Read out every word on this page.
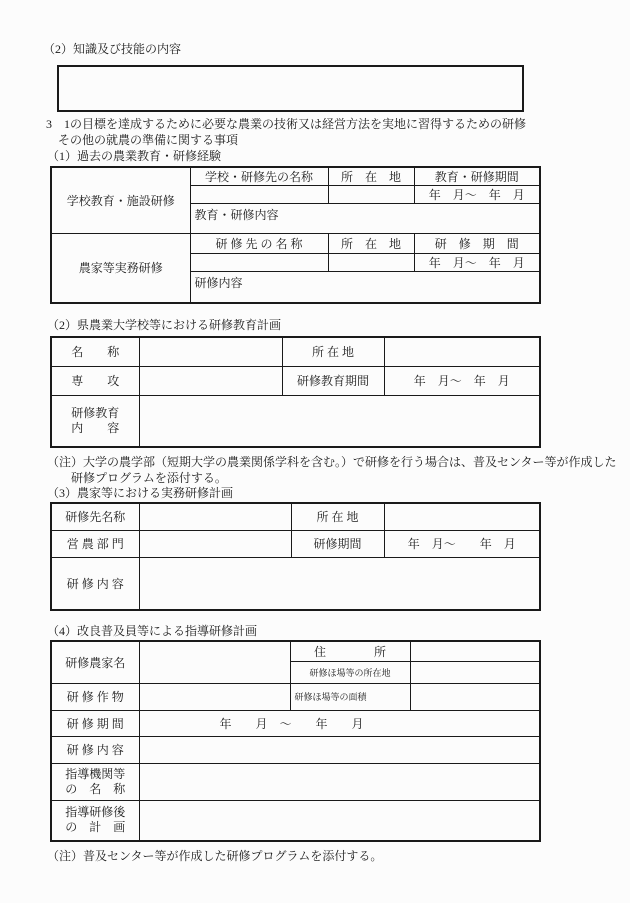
（2）知識及び技能の内容
3　1の目標を達成するために必要な農業の技術又は経営方法を実地に習得するための研修
その他の就農の準備に関する事項
（1）過去の農業教育・研修経験
学校教育・施設研修	学校・研修先の名称	所　在　地	教育・研修期間
			年　月～　年　月
	教育・研修内容		
農家等実務研修	研 修 先 の 名 称	所　在　地	研　修　期　間
			年　月～　年　月
	研修内容		
（2）県農業大学校等における研修教育計画
名　　称		所 在 地	
専　　攻		研修教育期間	年　月～　年　月

研修教育
内　　容			

（注）大学の農学部（短期大学の農業関係学科を含む。）で研修を行う場合は、普及センター等が作成した
研修プログラムを添付する。
（3）農家等における実務研修計画
研修先名称		所 在 地	
営 農 部 門		研修期間	年　月～　　年　月
研 修 内 容			
（4）改良普及員等による指導研修計画
研修農家名		住　　　　所	
		研修ほ場等の所在地	
研 修 作 物		研修ほ場等の面積	
研 修 期 間	年　　月　～　　年　　月		
研 修 内 容			

指導機関等
の　名　称			

指導研修後
の　計　画			

（注）普及センター等が作成した研修プログラムを添付する。
